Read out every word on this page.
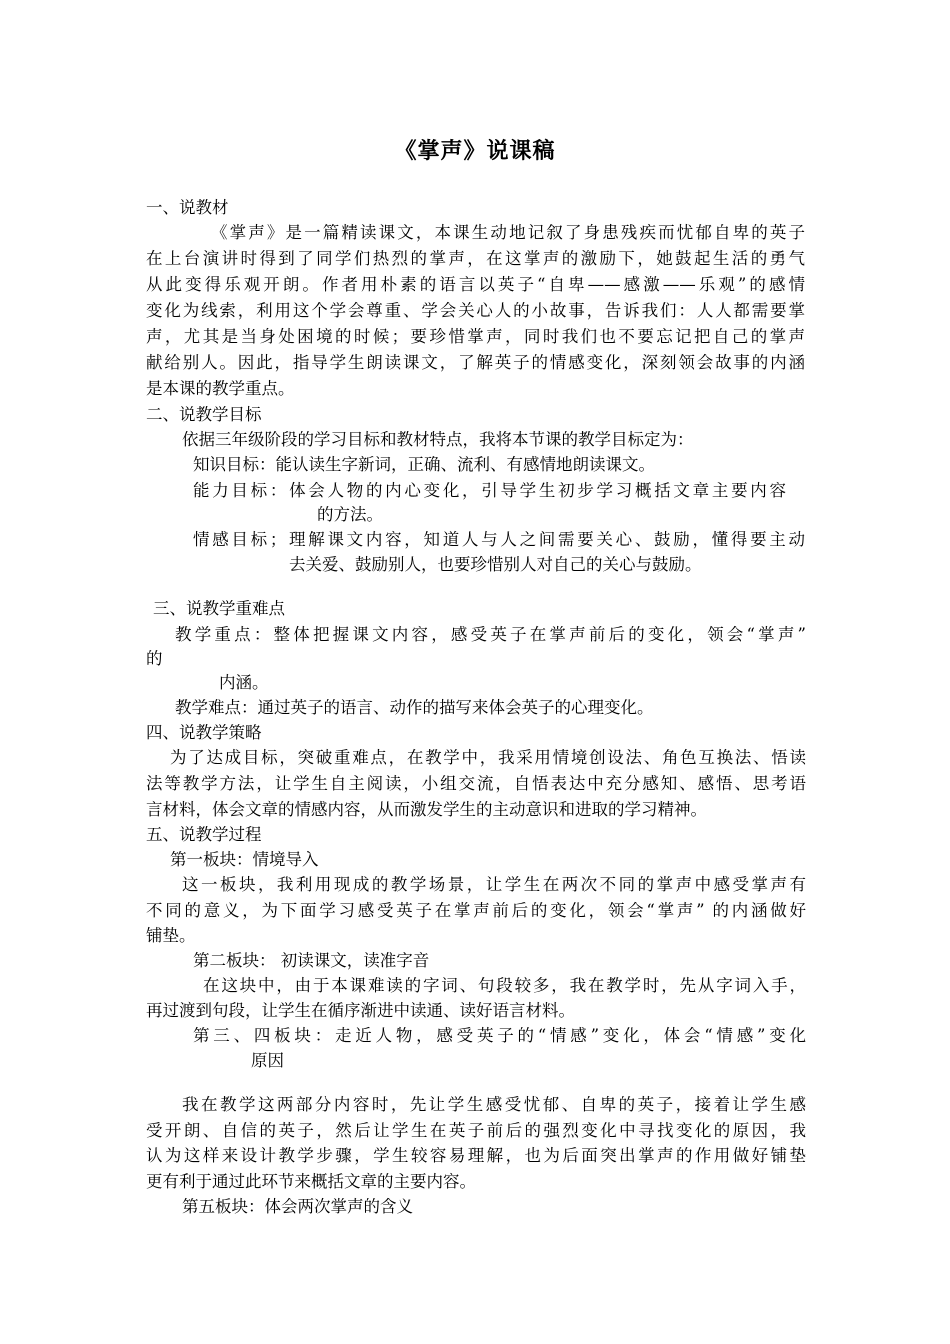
《掌声》说课稿
一、说教材
《掌声》是一篇精读课文，本课生动地记叙了身患残疾而忧郁自卑的英子
在上台演讲时得到了同学们热烈的掌声，在这掌声的激励下，她鼓起生活的勇气
从此变得乐观开朗。作者用朴素的语言以英子“自卑——感激——乐观”的感情
变化为线索，利用这个学会尊重、学会关心人的小故事，告诉我们：人人都需要掌
声，尤其是当身处困境的时候；要珍惜掌声，同时我们也不要忘记把自己的掌声
献给别人。因此，指导学生朗读课文，了解英子的情感变化，深刻领会故事的内涵
是本课的教学重点。
二、说教学目标
依据三年级阶段的学习目标和教材特点，我将本节课的教学目标定为：
知识目标：能认读生字新词，正确、流利、有感情地朗读课文。
能力目标：体会人物的内心变化，引导学生初步学习概括文章主要内容
的方法。
情感目标；理解课文内容，知道人与人之间需要关心、鼓励，懂得要主动
去关爱、鼓励别人，也要珍惜别人对自己的关心与鼓励。
三、说教学重难点
教学重点：整体把握课文内容，感受英子在掌声前后的变化，领会“掌声”
的
内涵。
教学难点：通过英子的语言、动作的描写来体会英子的心理变化。
四、说教学策略
为了达成目标，突破重难点，在教学中，我采用情境创设法、角色互换法、悟读
法等教学方法，让学生自主阅读，小组交流，自悟表达中充分感知、感悟、思考语
言材料，体会文章的情感内容，从而激发学生的主动意识和进取的学习精神。
五、说教学过程
第一板块：情境导入
这一板块，我利用现成的教学场景，让学生在两次不同的掌声中感受掌声有
不同的意义，为下面学习感受英子在掌声前后的变化，领会“掌声” 的内涵做好
铺垫。
第二板块： 初读课文，读准字音
在这块中，由于本课难读的字词、句段较多，我在教学时，先从字词入手，
再过渡到句段，让学生在循序渐进中读通、读好语言材料。
第三、四板块：走近人物，感受英子的“情感”变化，体会“情感”变化
原因
我在教学这两部分内容时，先让学生感受忧郁、自卑的英子，接着让学生感
受开朗、自信的英子，然后让学生在英子前后的强烈变化中寻找变化的原因，我
认为这样来设计教学步骤，学生较容易理解，也为后面突出掌声的作用做好铺垫
更有利于通过此环节来概括文章的主要内容。
第五板块：体会两次掌声的含义
